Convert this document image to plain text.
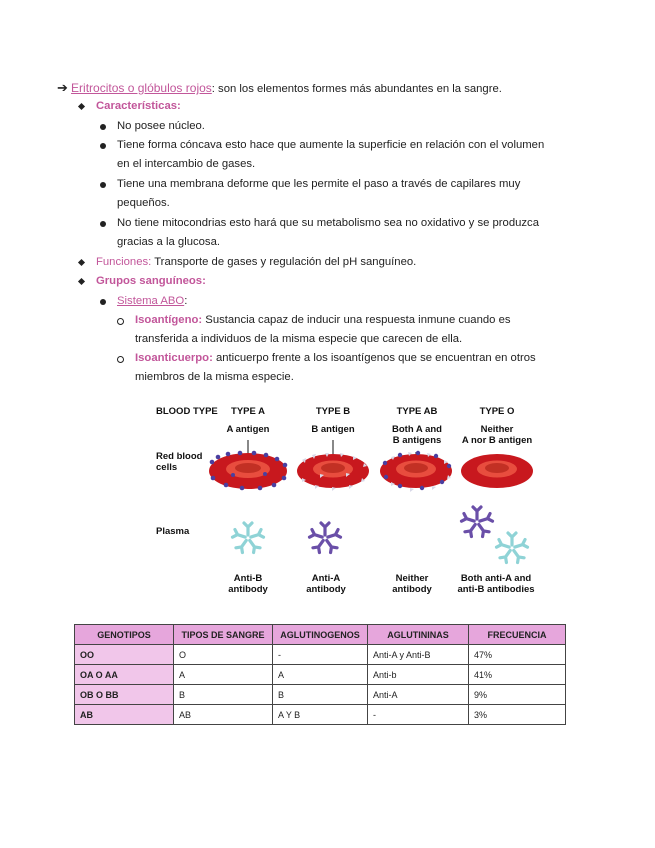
➔ Eritrocitos o glóbulos rojos: son los elementos formes más abundantes en la sangre.
Características:
No posee núcleo.
Tiene forma cóncava esto hace que aumente la superficie en relación con el volumen
en el intercambio de gases.
Tiene una membrana deforme que les permite el paso a través de capilares muy
pequeños.
No tiene mitocondrias esto hará que su metabolismo sea no oxidativo y se produzca
gracias a la glucosa.
Funciones: Transporte de gases y regulación del pH sanguíneo.
Grupos sanguíneos:
Sistema ABO:
Isoantígeno: Sustancia capaz de inducir una respuesta inmune cuando es
transferida a individuos de la misma especie que carecen de ella.
Isoanticuerpo: anticuerpo frente a los isoantígenos que se encuentran en otros
miembros de la misma especie.
BLOOD TYPE
Red blood
cells
Plasma
TYPE A
A antigen
TYPE B
B antigen
TYPE AB
Both A and
B antigens
TYPE O
Neither
A nor B antigen
Anti-B
antibody
Anti-A
antibody
Neither
antibody
Both anti-A and
anti-B antibodies
GENOTIPOS	TIPOS DE SANGRE	AGLUTINOGENOS	AGLUTININAS	FRECUENCIA
OO	O	-	Anti-A y Anti-B	47%
OA O AA	A	A	Anti-b	41%
OB O BB	B	B	Anti-A	9%
AB	AB	A Y B	-	3%
